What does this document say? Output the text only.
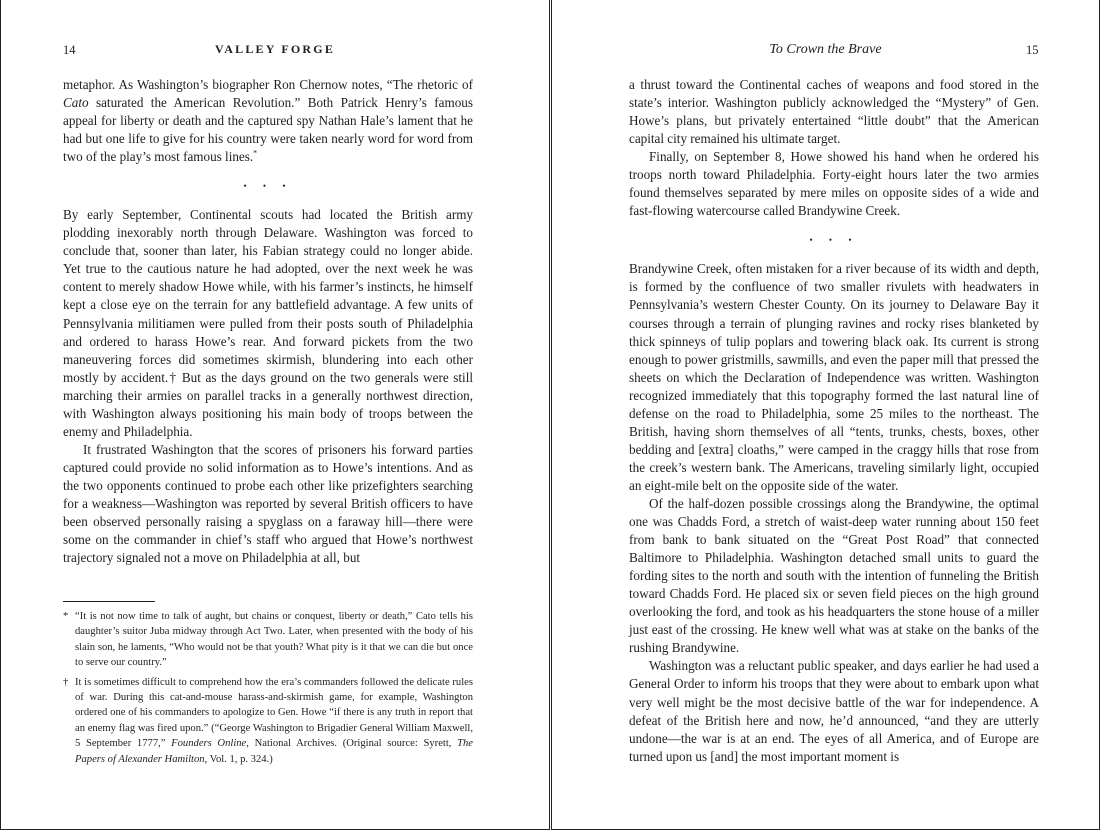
14	VALLEY FORGE

metaphor. As Washington’s biographer Ron Chernow notes, “The rhetoric of Cato saturated the American Revolution.” Both Patrick Henry’s famous appeal for liberty or death and the captured spy Nathan Hale’s lament that he had but one life to give for his country were taken nearly word for word from two of the play’s most famous lines.*

• • •

By early September, Continental scouts had located the British army plodding inexorably north through Delaware. Washington was forced to conclude that, sooner than later, his Fabian strategy could no longer abide. Yet true to the cautious nature he had adopted, over the next week he was content to merely shadow Howe while, with his farmer’s instincts, he himself kept a close eye on the terrain for any battlefield advantage. A few units of Pennsylvania militiamen were pulled from their posts south of Philadelphia and ordered to harass Howe’s rear. And forward pickets from the two maneuvering forces did sometimes skirmish, blundering into each other mostly by accident.† But as the days ground on the two generals were still marching their armies on parallel tracks in a generally northwest direction, with Washington always positioning his main body of troops between the enemy and Philadelphia.

It frustrated Washington that the scores of prisoners his forward parties captured could provide no solid information as to Howe’s intentions. And as the two opponents continued to probe each other like prizefighters searching for a weakness—Washington was reported by several British officers to have been observed personally raising a spyglass on a faraway hill—there were some on the commander in chief’s staff who argued that Howe’s northwest trajectory signaled not a move on Philadelphia at all, but

* “It is not now time to talk of aught, but chains or conquest, liberty or death,” Cato tells his daughter’s suitor Juba midway through Act Two. Later, when presented with the body of his slain son, he laments, “Who would not be that youth? What pity is it that we can die but once to serve our country.”
† It is sometimes difficult to comprehend how the era’s commanders followed the delicate rules of war. During this cat-and-mouse harass-and-skirmish game, for example, Washington ordered one of his commanders to apologize to Gen. Howe “if there is any truth in report that an enemy flag was fired upon.” (“George Washington to Brigadier General William Maxwell, 5 September 1777,” Founders Online, National Archives. (Original source: Syrett, The Papers of Alexander Hamilton, Vol. 1, p. 324.)
To Crown the Brave	15

a thrust toward the Continental caches of weapons and food stored in the state’s interior. Washington publicly acknowledged the “Mystery” of Gen. Howe’s plans, but privately entertained “little doubt” that the American capital city remained his ultimate target.

Finally, on September 8, Howe showed his hand when he ordered his troops north toward Philadelphia. Forty-eight hours later the two armies found themselves separated by mere miles on opposite sides of a wide and fast-flowing watercourse called Brandywine Creek.

• • •

Brandywine Creek, often mistaken for a river because of its width and depth, is formed by the confluence of two smaller rivulets with headwaters in Pennsylvania’s western Chester County. On its journey to Delaware Bay it courses through a terrain of plunging ravines and rocky rises blanketed by thick spinneys of tulip poplars and towering black oak. Its current is strong enough to power gristmills, sawmills, and even the paper mill that pressed the sheets on which the Declaration of Independence was written. Washington recognized immediately that this topography formed the last natural line of defense on the road to Philadelphia, some 25 miles to the northeast. The British, having shorn themselves of all “tents, trunks, chests, boxes, other bedding and [extra] cloaths,” were camped in the craggy hills that rose from the creek’s western bank. The Americans, traveling similarly light, occupied an eight-mile belt on the opposite side of the water.

Of the half-dozen possible crossings along the Brandywine, the optimal one was Chadds Ford, a stretch of waist-deep water running about 150 feet from bank to bank situated on the “Great Post Road” that connected Baltimore to Philadelphia. Washington detached small units to guard the fording sites to the north and south with the intention of funneling the British toward Chadds Ford. He placed six or seven field pieces on the high ground overlooking the ford, and took as his headquarters the stone house of a miller just east of the crossing. He knew well what was at stake on the banks of the rushing Brandywine.

Washington was a reluctant public speaker, and days earlier he had used a General Order to inform his troops that they were about to embark upon what very well might be the most decisive battle of the war for independence. A defeat of the British here and now, he’d announced, “and they are utterly undone—the war is at an end. The eyes of all America, and of Europe are turned upon us [and] the most important moment is
